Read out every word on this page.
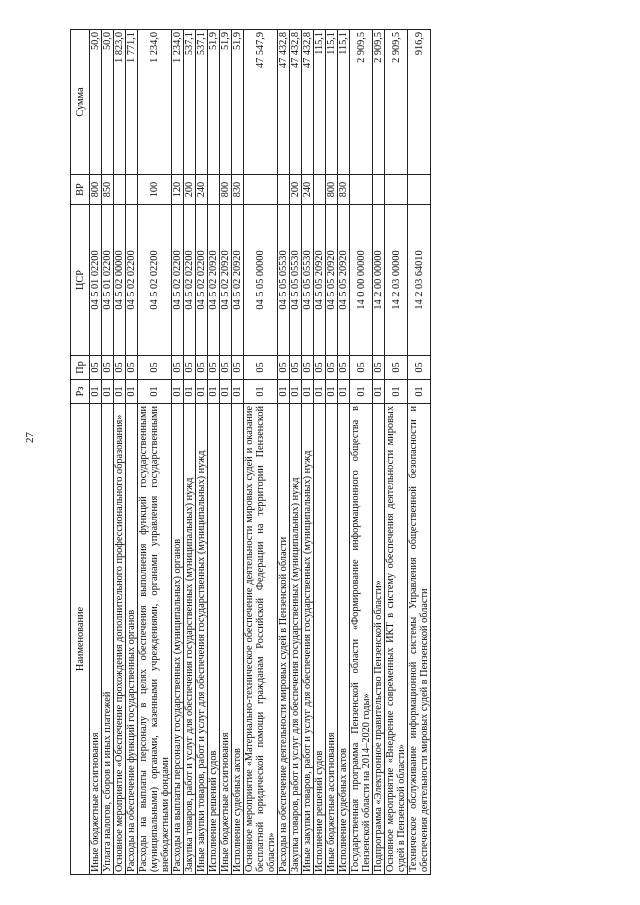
27
Наименование	Рз	Пр	ЦСР	ВР	Сумма
Иные бюджетные ассигнования	01	05	04 5 01 02200	800	50,0
Уплата налогов, сборов и иных платежей	01	05	04 5 01 02200	850	50,0
Основное мероприятие «Обеспечение прохождения дополнительного профессионального образования»	01	05	04 5 02 00000		1 823,0
Расходы на обеспечение функций государственных органов	01	05	04 5 02 02200		1 771,1
Расходы на выплаты персоналу в целях обеспечения выполнения функций государственными (муниципальными) органами, казенными учреждениями, органами управления государственными внебюджетными фондами	01	05	04 5 02 02200	100	1 234,0
Расходы на выплаты персоналу государственных (муниципальных) органов	01	05	04 5 02 02200	120	1 234,0
Закупка товаров, работ и услуг для обеспечения государственных (муниципальных) нужд	01	05	04 5 02 02200	200	537,1
Иные закупки товаров, работ и услуг для обеспечения государственных (муниципальных) нужд	01	05	04 5 02 02200	240	537,1
Исполнение решений судов	01	05	04 5 02 20920		51,9
Иные бюджетные ассигнования	01	05	04 5 02 20920	800	51,9
Исполнение судебных актов	01	05	04 5 02 20920	830	51,9
Основное мероприятие «Материально-техническое обеспечение деятельности мировых судей и оказание бесплатной юридической помощи гражданам Российской Федерации на территории Пензенской области»	01	05	04 5 05 00000		47 547,9
Расходы на обеспечение деятельности мировых судей в Пензенской области	01	05	04 5 05 05530		47 432,8
Закупка товаров, работ и услуг для обеспечения государственных (муниципальных) нужд	01	05	04 5 05 05530	200	47 432,8
Иные закупки товаров, работ и услуг для обеспечения государственных (муниципальных) нужд	01	05	04 5 05 05530	240	47 432,8
Исполнение решений судов	01	05	04 5 05 20920		115,1
Иные бюджетные ассигнования	01	05	04 5 05 20920	800	115,1
Исполнение судебных актов	01	05	04 5 05 20920	830	115,1
Государственная программа Пензенской области «Формирование информационного общества в Пензенской области на 2014–2020 годы»	01	05	14 0 00 00000		2 909,5
Подпрограмма «Электронное правительство Пензенской области»	01	05	14 2 00 00000		2 909,5
Основное мероприятие «Внедрение современных ИКТ в систему обеспечения деятельности мировых судей в Пензенской области»	01	05	14 2 03 00000		2 909,5
Техническое обслуживание информационной системы Управления общественной безопасности и обеспечения деятельности мировых судей в Пензенской области	01	05	14 2 03 64010		916,9
